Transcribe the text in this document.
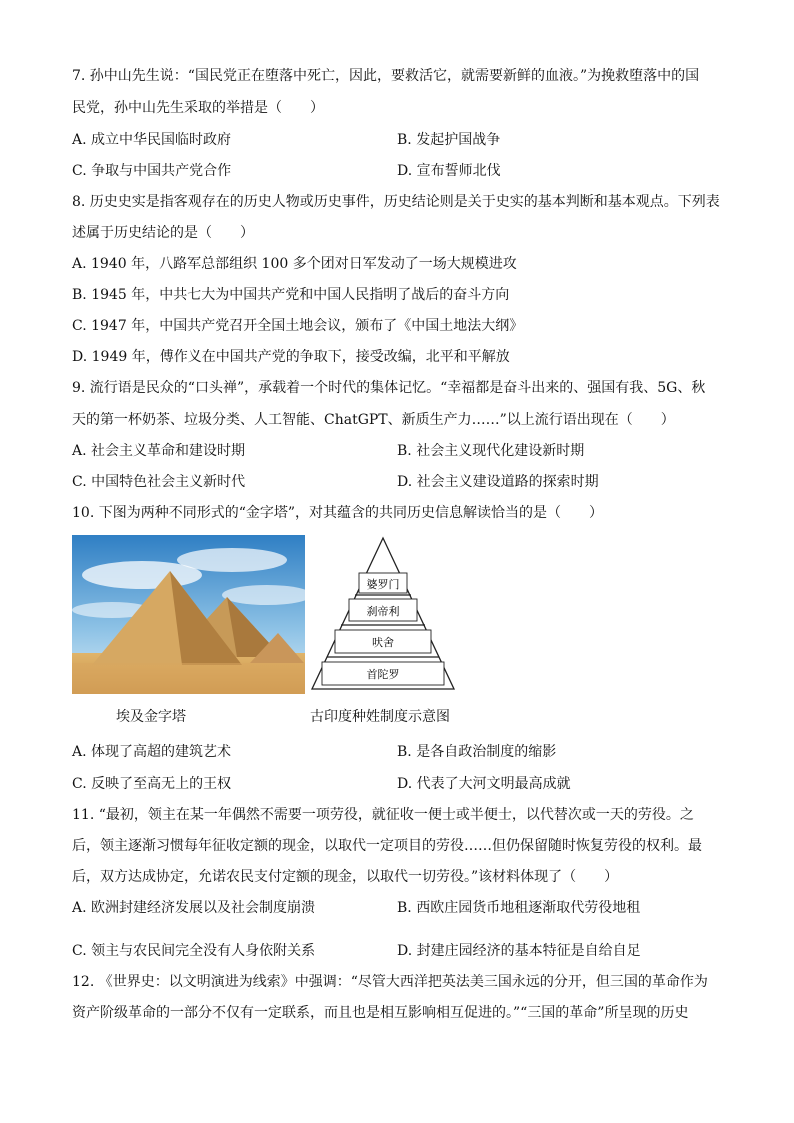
7. 孙中山先生说：“国民党正在堕落中死亡，因此，要救活它，就需要新鲜的血液。”为挽救堕落中的国
民党，孙中山先生采取的举措是（　　）
A. 成立中华民国临时政府	B. 发起护国战争
C. 争取与中国共产党合作	D. 宣布誓师北伐
8. 历史史实是指客观存在的历史人物或历史事件，历史结论则是关于史实的基本判断和基本观点。下列表
述属于历史结论的是（　　）
A. 1940 年，八路军总部组织 100 多个团对日军发动了一场大规模进攻
B. 1945 年，中共七大为中国共产党和中国人民指明了战后的奋斗方向
C. 1947 年，中国共产党召开全国土地会议，颁布了《中国土地法大纲》
D. 1949 年，傅作义在中国共产党的争取下，接受改编，北平和平解放
9. 流行语是民众的“口头禅”，承载着一个时代的集体记忆。“幸福都是奋斗出来的、强国有我、5G、秋
天的第一杯奶茶、垃圾分类、人工智能、ChatGPT、新质生产力……”以上流行语出现在（　　）
A. 社会主义革命和建设时期	B. 社会主义现代化建设新时期
C. 中国特色社会主义新时代	D. 社会主义建设道路的探索时期
10. 下图为两种不同形式的“金字塔”，对其蕴含的共同历史信息解读恰当的是（　　）
婆罗门
刹帝利
吠舍
首陀罗
埃及金字塔	古印度种姓制度示意图
A. 体现了高超的建筑艺术	B. 是各自政治制度的缩影
C. 反映了至高无上的王权	D. 代表了大河文明最高成就
11. “最初，领主在某一年偶然不需要一项劳役，就征收一便士或半便士，以代替次或一天的劳役。之
后，领主逐渐习惯每年征收定额的现金，以取代一定项目的劳役……但仍保留随时恢复劳役的权利。最
后，双方达成协定，允诺农民支付定额的现金，以取代一切劳役。”该材料体现了（　　）
A. 欧洲封建经济发展以及社会制度崩溃	B. 西欧庄园货币地租逐渐取代劳役地租
C. 领主与农民间完全没有人身依附关系	D. 封建庄园经济的基本特征是自给自足
12. 《世界史：以文明演进为线索》中强调：“尽管大西洋把英法美三国永远的分开，但三国的革命作为
资产阶级革命的一部分不仅有一定联系，而且也是相互影响相互促进的。”“三国的革命”所呈现的历史
